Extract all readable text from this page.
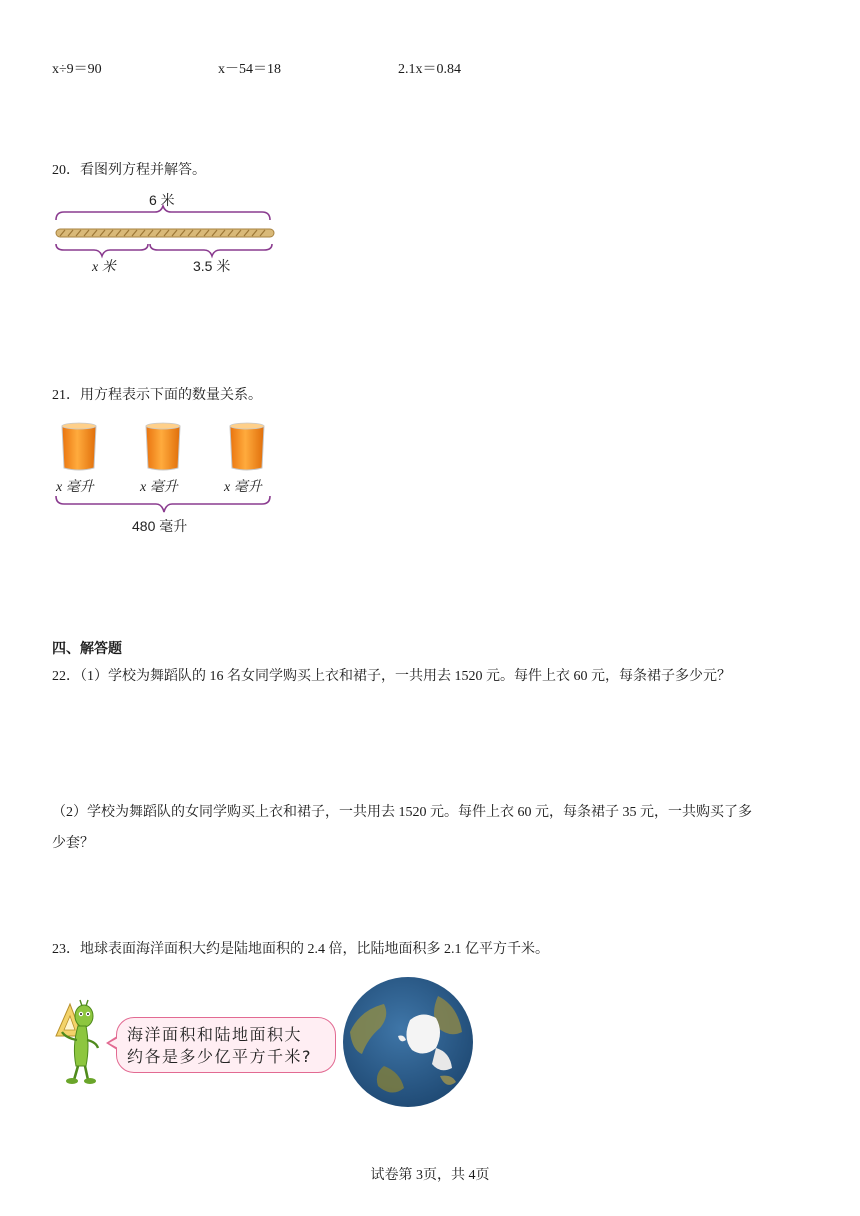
x÷9＝90	x－54＝18	2.1x＝0.84
20．看图列方程并解答。
6 米
x 米	3.5 米
21．用方程表示下面的数量关系。
x 毫升	x 毫升	x 毫升
480 毫升
四、解答题
22．（1）学校为舞蹈队的 16 名女同学购买上衣和裙子，一共用去 1520 元。每件上衣 60 元，每条裙子多少元？
（2）学校为舞蹈队的女同学购买上衣和裙子，一共用去 1520 元。每件上衣 60 元，每条裙子 35 元，一共购买了多
少套？
23．地球表面海洋面积大约是陆地面积的 2.4 倍，比陆地面积多 2.1 亿平方千米。
海洋面积和陆地面积大
约各是多少亿平方千米?
试卷第 3页，共 4页
